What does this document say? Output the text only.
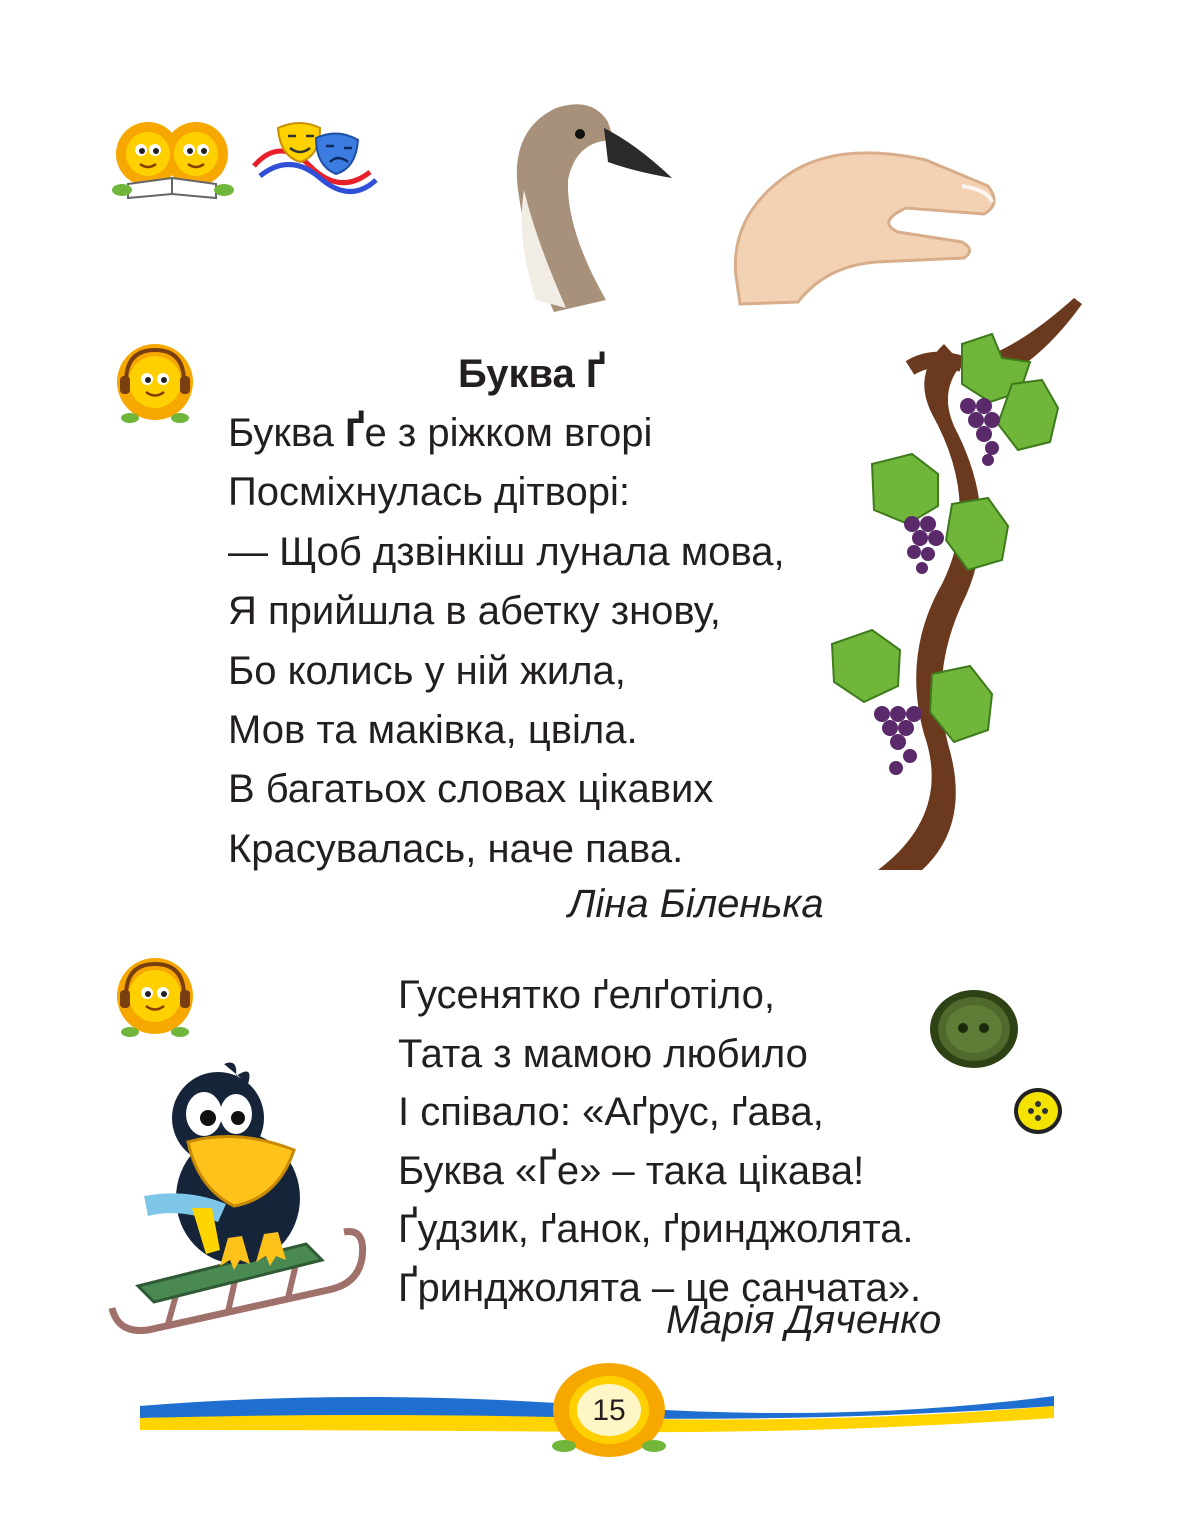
Буква Ґ
Буква Ґе з ріжком вгорі
Посміхнулась дітворі:
— Щоб дзвінкіш лунала мова,
Я прийшла в абетку знову,
Бо колись у ній жила,
Мов та маківка, цвіла.
В багатьох словах цікавих
Красувалась, наче пава.
Ліна Біленька
Гусенятко ґелґотіло,
Тата з мамою любило
І співало: «Аґрус, ґава,
Буква «Ґе» – така цікава!
Ґудзик, ґанок, ґринджолята.
Ґринджолята – це санчата».
Марія Дяченко
15
